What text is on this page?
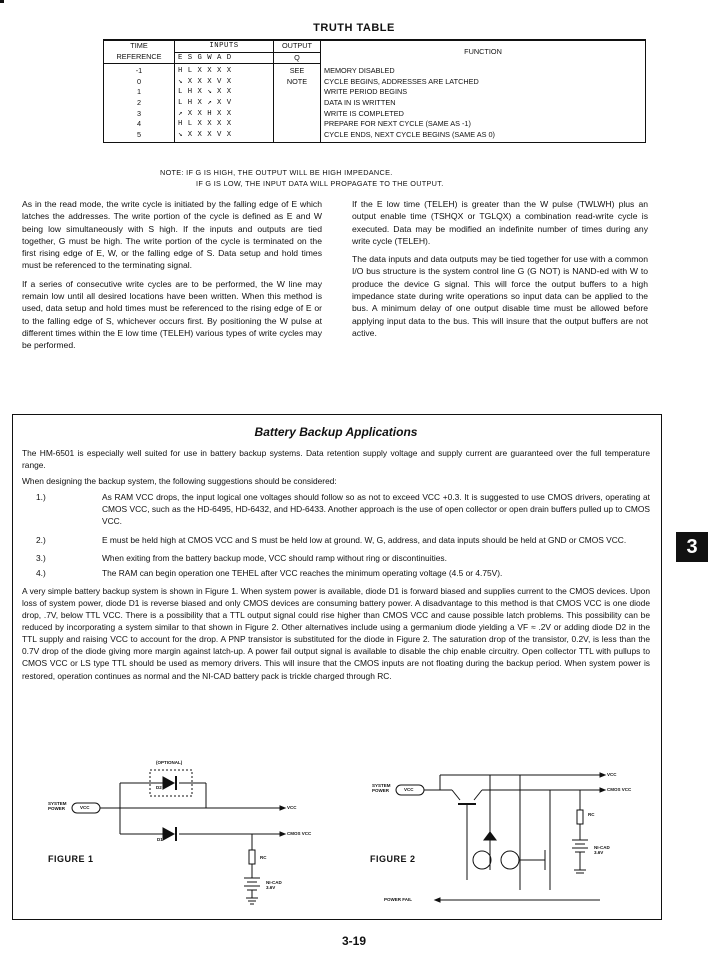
TRUTH TABLE
TIME	INPUTS	OUTPUT	FUNCTION
REFERENCE	E S G W A D	Q	
-1	H L X X X X	SEE	MEMORY DISABLED
0	↘ X X X V X	NOTE	CYCLE BEGINS, ADDRESSES ARE LATCHED
1	L H X ↘ X X		WRITE PERIOD BEGINS
2	L H X ↗ X V		DATA IN IS WRITTEN
3	↗ X X H X X		WRITE IS COMPLETED
4	H L X X X X		PREPARE FOR NEXT CYCLE (SAME AS -1)
5	↘ X X X V X		CYCLE ENDS, NEXT CYCLE BEGINS (SAME AS 0)
NOTE: IF G IS HIGH, THE OUTPUT WILL BE HIGH IMPEDANCE.
IF G IS LOW, THE INPUT DATA WILL PROPAGATE TO THE OUTPUT.

As in the read mode, the write cycle is initiated by the falling edge of E which latches the addresses. The write portion of the cycle is defined as E and W being low simultaneously with S high. If the inputs and outputs are tied together, G must be high. The write portion of the cycle is terminated on the first rising edge of E, W, or the falling edge of S. Data setup and hold times must be referenced to the terminating signal.

If a series of consecutive write cycles are to be performed, the W line may remain low until all desired locations have been written. When this method is used, data setup and hold times must be referenced to the rising edge of E or to the falling edge of S, whichever occurs first. By positioning the W pulse at different times within the E low time (TELEH) various types of write cycles may be performed.

If the E low time (TELEH) is greater than the W pulse (TWLWH) plus an output enable time (TSHQX or TGLQX) a combination read-write cycle is executed. Data may be modified an indefinite number of times during any write cycle (TELEH).

The data inputs and data outputs may be tied together for use with a common I/O bus structure is the system control line G (G NOT) is NAND-ed with W to produce the device G signal. This will force the output buffers to a high impedance state during write operations so input data can be applied to the bus. A minimum delay of one output disable time must be allowed before applying input data to the bus. This will insure that the output buffers are not active.

Battery Backup Applications

The HM-6501 is especially well suited for use in battery backup systems. Data retention supply voltage and supply current are guaranteed over the full temperature range.

When designing the backup system, the following suggestions should be considered:

1.)	As RAM VCC drops, the input logical one voltages should follow so as not to exceed VCC +0.3. It is suggested to use CMOS drivers, operating at CMOS VCC, such as the HD-6495, HD-6432, and HD-6433. Another approach is the use of open collector or open drain buffers pulled up to CMOS VCC.
2.)	E must be held high at CMOS VCC and S must be held low at ground. W, G, address, and data inputs should be held at GND or CMOS VCC.
3.)	When exiting from the battery backup mode, VCC should ramp without ring or discontinuities.
4.)	The RAM can begin operation one TEHEL after VCC reaches the minimum operating voltage (4.5 or 4.75V).

A very simple battery backup system is shown in Figure 1. When system power is available, diode D1 is forward biased and supplies current to the CMOS devices. Upon loss of system power, diode D1 is reverse biased and only CMOS devices are consuming battery power. A disadvantage to this method is that CMOS VCC is one diode drop, .7V, below TTL VCC. There is a possibility that a TTL output signal could rise higher than CMOS VCC and cause possible latch problems. This possibility can be reduced by incorporating a system similar to that shown in Figure 2. Other alternatives include using a germanium diode yielding a VF ≈ .2V or adding diode D2 in the TTL supply and raising VCC to account for the drop. A PNP transistor is substituted for the diode in Figure 2. The saturation drop of the transistor, 0.2V, is less than the 0.7V drop of the diode giving more margin against latch-up. A power fail output signal is available to disable the chip enable circuitry. Open collector TTL with pullups to CMOS VCC or LS type TTL should be used as memory drivers. This will insure that the CMOS inputs are not floating during the backup period. When system power is restored, operation continues as normal and the NI-CAD battery pack is trickle charged through RC.

(OPTIONAL)
D2
D1
SYSTEM
POWER	VCC	VCC
CMOS VCC
RC
NI-CAD
3.6V
FIGURE 1
SYSTEM
POWER	VCC
VCC
CMOS VCC
RC
NI-CAD
3.6V
POWER FAIL
FIGURE 2
3
3-19
